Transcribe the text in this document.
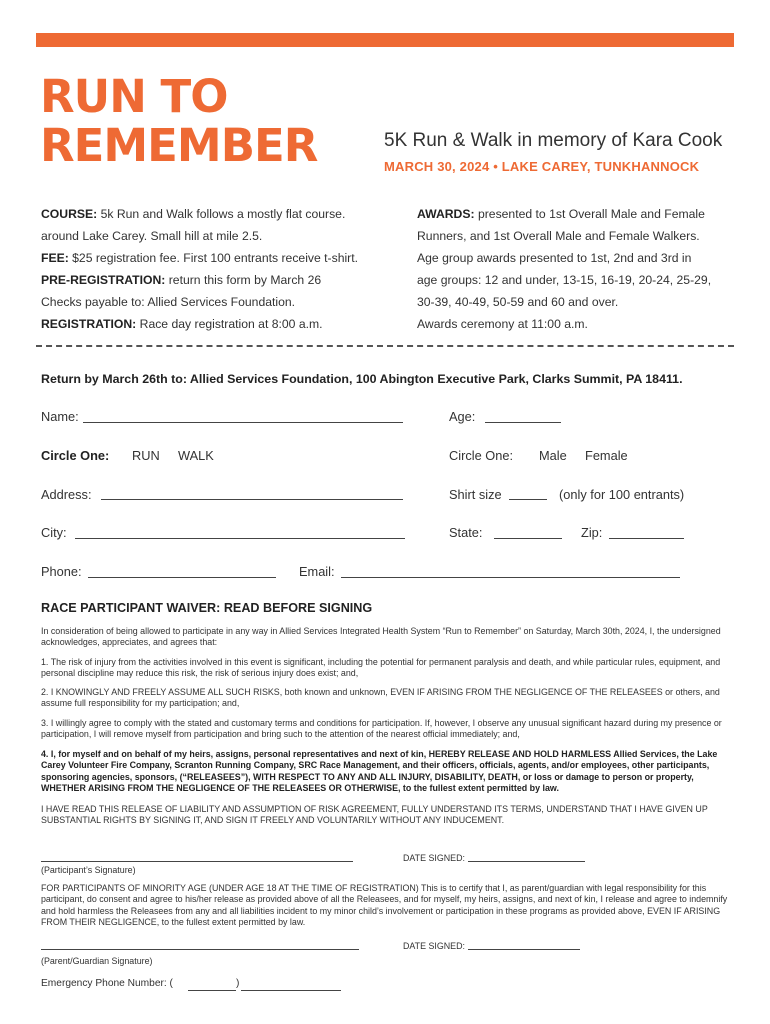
RUN TO
REMEMBER	5K Run & Walk in memory of Kara Cook
MARCH 30, 2024 • LAKE CAREY, TUNKHANNOCK
COURSE: 5k Run and Walk follows a mostly flat course.
around Lake Carey. Small hill at mile 2.5.
FEE: $25 registration fee. First 100 entrants receive t-shirt.
PRE-REGISTRATION: return this form by March 26
Checks payable to: Allied Services Foundation.
REGISTRATION: Race day registration at 8:00 a.m.
AWARDS: presented to 1st Overall Male and Female
Runners, and 1st Overall Male and Female Walkers.
Age group awards presented to 1st, 2nd and 3rd in
age groups: 12 and under, 13-15, 16-19, 20-24, 25-29,
30-39, 40-49, 50-59 and 60 and over.
Awards ceremony at 11:00 a.m.
Return by March 26th to: Allied Services Foundation, 100 Abington Executive Park, Clarks Summit, PA 18411.
Name:	Age:
Circle One: RUN WALK	Circle One: Male Female
Address:	Shirt size	(only for 100 entrants)
City:	State:	Zip:
Phone:	Email:
RACE PARTICIPANT WAIVER: READ BEFORE SIGNING
In consideration of being allowed to participate in any way in Allied Services Integrated Health System “Run to Remember” on Saturday, March 30th, 2024, I, the undersigned acknowledges, appreciates, and agrees that:
1. The risk of injury from the activities involved in this event is significant, including the potential for permanent paralysis and death, and while particular rules, equipment, and personal discipline may reduce this risk, the risk of serious injury does exist; and,
2. I KNOWINGLY AND FREELY ASSUME ALL SUCH RISKS, both known and unknown, EVEN IF ARISING FROM THE NEGLIGENCE OF THE RELEASEES or others, and assume full responsibility for my participation; and,
3. I willingly agree to comply with the stated and customary terms and conditions for participation. If, however, I observe any unusual significant hazard during my presence or participation, I will remove myself from participation and bring such to the attention of the nearest official immediately; and,
4. I, for myself and on behalf of my heirs, assigns, personal representatives and next of kin, HEREBY RELEASE AND HOLD HARMLESS Allied Services, the Lake Carey Volunteer Fire Company, Scranton Running Company, SRC Race Management, and their officers, officials, agents, and/or employees, other participants, sponsoring agencies, sponsors, (“RELEASEES”), WITH RESPECT TO ANY AND ALL INJURY, DISABILITY, DEATH, or loss or damage to person or property, WHETHER ARISING FROM THE NEGLIGENCE OF THE RELEASEES OR OTHERWISE, to the fullest extent permitted by law.
I HAVE READ THIS RELEASE OF LIABILITY AND ASSUMPTION OF RISK AGREEMENT, FULLY UNDERSTAND ITS TERMS, UNDERSTAND THAT I HAVE GIVEN UP SUBSTANTIAL RIGHTS BY SIGNING IT, AND SIGN IT FREELY AND VOLUNTARILY WITHOUT ANY INDUCEMENT.
DATE SIGNED:
(Participant’s Signature)
FOR PARTICIPANTS OF MINORITY AGE (UNDER AGE 18 AT THE TIME OF REGISTRATION) This is to certify that I, as parent/guardian with legal responsibility for this participant, do consent and agree to his/her release as provided above of all the Releasees, and for myself, my heirs, assigns, and next of kin, I release and agree to indemnify and hold harmless the Releasees from any and all liabilities incident to my minor child’s involvement or participation in these programs as provided above, EVEN IF ARISING FROM THEIR NEGLIGENCE, to the fullest extent permitted by law.
DATE SIGNED:
(Parent/Guardian Signature)
Emergency Phone Number: (	)
